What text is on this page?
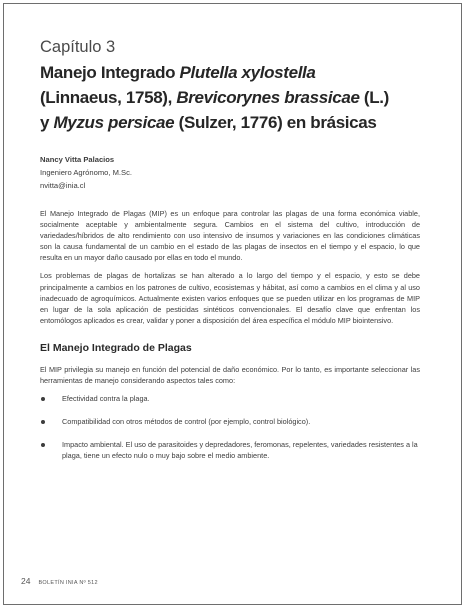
Capítulo 3

Manejo Integrado Plutella xylostella
(Linnaeus, 1758), Brevicorynes brassicae (L.)
y Myzus persicae (Sulzer, 1776) en brásicas
Nancy Vitta Palacios
Ingeniero Agrónomo, M.Sc.
nvitta@inia.cl

El Manejo Integrado de Plagas (MIP) es un enfoque para controlar las plagas de una forma económica viable, socialmente aceptable y ambientalmente segura. Cambios en el sistema del cultivo, introducción de variedades/híbridos de alto rendimiento con uso intensivo de insumos y variaciones en las condiciones climáticas son la causa fundamental de un cambio en el estado de las plagas de insectos en el tiempo y el espacio, lo que resulta en un mayor daño causado por ellas en todo el mundo.

Los problemas de plagas de hortalizas se han alterado a lo largo del tiempo y el espacio, y esto se debe principalmente a cambios en los patrones de cultivo, ecosistemas y hábitat, así como a cambios en el clima y al uso inadecuado de agroquímicos. Actualmente existen varios enfoques que se pueden utilizar en los programas de MIP en lugar de la sola aplicación de pesticidas sintéticos convencionales. El desafío clave que enfrentan los entomólogos aplicados es crear, validar y poner a disposición del área específica el módulo MIP biointensivo.

El Manejo Integrado de Plagas

El MIP privilegia su manejo en función del potencial de daño económico. Por lo tanto, es importante seleccionar las herramientas de manejo considerando aspectos tales como:

Efectividad contra la plaga.
Compatibilidad con otros métodos de control (por ejemplo, control biológico).
Impacto ambiental. El uso de parasitoides y depredadores, feromonas, repelentes, variedades resistentes a la plaga, tiene un efecto nulo o muy bajo sobre el medio ambiente.
24 BOLETÍN INIA Nº 512
